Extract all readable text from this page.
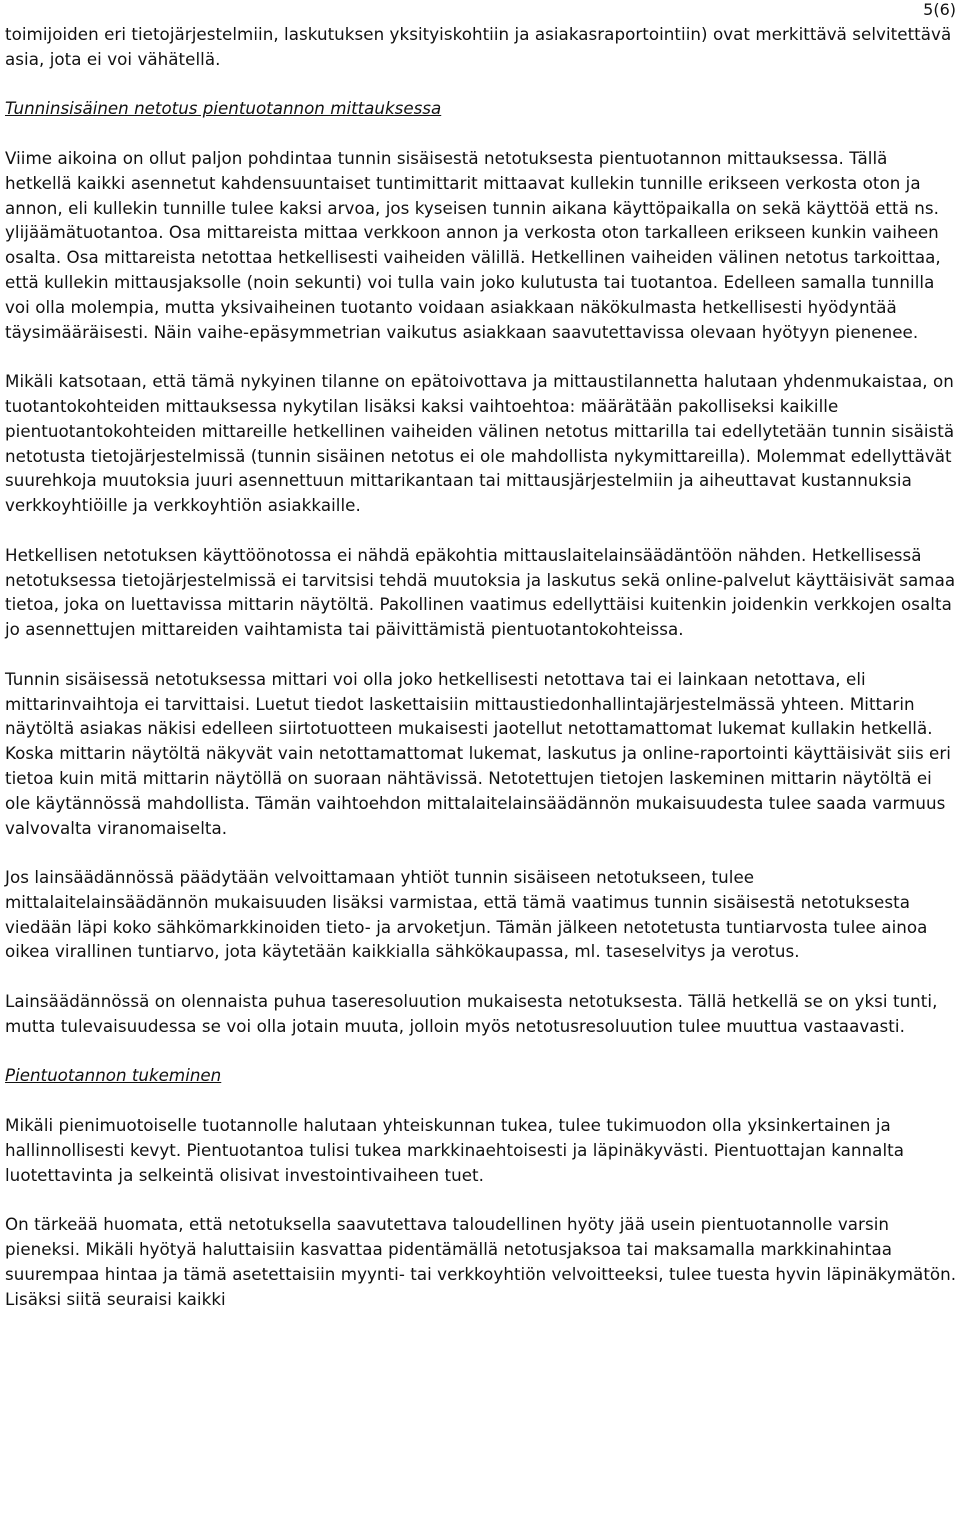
5(6)

toimijoiden eri tietojärjestelmiin, laskutuksen yksityiskohtiin ja asiakasraportointiin) ovat merkittävä selvitettävä asia, jota ei voi vähätellä.

Tunninsisäinen netotus pientuotannon mittauksessa

Viime aikoina on ollut paljon pohdintaa tunnin sisäisestä netotuksesta pientuotannon mittauksessa. Tällä hetkellä kaikki asennetut kahdensuuntaiset tuntimittarit mittaavat kullekin tunnille erikseen verkosta oton ja annon, eli kullekin tunnille tulee kaksi arvoa, jos kyseisen tunnin aikana käyttöpaikalla on sekä käyttöä että ns. ylijäämätuotantoa. Osa mittareista mittaa verkkoon annon ja verkosta oton tarkalleen erikseen kunkin vaiheen osalta. Osa mittareista netottaa hetkellisesti vaiheiden välillä. Hetkellinen vaiheiden välinen netotus tarkoittaa, että kullekin mittausjaksolle (noin sekunti) voi tulla vain joko kulutusta tai tuotantoa. Edelleen samalla tunnilla voi olla molempia, mutta yksivaiheinen tuotanto voidaan asiakkaan näkökulmasta hetkellisesti hyödyntää täysimääräisesti. Näin vaihe-epäsymmetrian vaikutus asiakkaan saavutettavissa olevaan hyötyyn pienenee.

Mikäli katsotaan, että tämä nykyinen tilanne on epätoivottava ja mittaustilannetta halutaan yhdenmukaistaa, on tuotantokohteiden mittauksessa nykytilan lisäksi kaksi vaihtoehtoa: määrätään pakolliseksi kaikille pientuotantokohteiden mittareille hetkellinen vaiheiden välinen netotus mittarilla tai edellytetään tunnin sisäistä netotusta tietojärjestelmissä (tunnin sisäinen netotus ei ole mahdollista nykymittareilla). Molemmat edellyttävät suurehkoja muutoksia juuri asennettuun mittarikantaan tai mittausjärjestelmiin ja aiheuttavat kustannuksia verkkoyhtiöille ja verkkoyhtiön asiakkaille.

Hetkellisen netotuksen käyttöönotossa ei nähdä epäkohtia mittauslaitelainsäädäntöön nähden. Hetkellisessä netotuksessa tietojärjestelmissä ei tarvitsisi tehdä muutoksia ja laskutus sekä online-palvelut käyttäisivät samaa tietoa, joka on luettavissa mittarin näytöltä. Pakollinen vaatimus edellyttäisi kuitenkin joidenkin verkkojen osalta jo asennettujen mittareiden vaihtamista tai päivittämistä pientuotantokohteissa.

Tunnin sisäisessä netotuksessa mittari voi olla joko hetkellisesti netottava tai ei lainkaan netottava, eli mittarinvaihtoja ei tarvittaisi. Luetut tiedot laskettaisiin mittaustiedonhallintajärjestelmässä yhteen. Mittarin näytöltä asiakas näkisi edelleen siirtotuotteen mukaisesti jaotellut netottamattomat lukemat kullakin hetkellä. Koska mittarin näytöltä näkyvät vain netottamattomat lukemat, laskutus ja online-raportointi käyttäisivät siis eri tietoa kuin mitä mittarin näytöllä on suoraan nähtävissä. Netotettujen tietojen laskeminen mittarin näytöltä ei ole käytännössä mahdollista. Tämän vaihtoehdon mittalaitelainsäädännön mukaisuudesta tulee saada varmuus valvovalta viranomaiselta.

Jos lainsäädännössä päädytään velvoittamaan yhtiöt tunnin sisäiseen netotukseen, tulee mittalaitelainsäädännön mukaisuuden lisäksi varmistaa, että tämä vaatimus tunnin sisäisestä netotuksesta viedään läpi koko sähkömarkkinoiden tieto- ja arvoketjun. Tämän jälkeen netotetusta tuntiarvosta tulee ainoa oikea virallinen tuntiarvo, jota käytetään kaikkialla sähkökaupassa, ml. taseselvitys ja verotus.

Lainsäädännössä on olennaista puhua taseresoluution mukaisesta netotuksesta. Tällä hetkellä se on yksi tunti, mutta tulevaisuudessa se voi olla jotain muuta, jolloin myös netotusresoluution tulee muuttua vastaavasti.

Pientuotannon tukeminen

Mikäli pienimuotoiselle tuotannolle halutaan yhteiskunnan tukea, tulee tukimuodon olla yksinkertainen ja hallinnollisesti kevyt. Pientuotantoa tulisi tukea markkinaehtoisesti ja läpinäkyvästi. Pientuottajan kannalta luotettavinta ja selkeintä olisivat investointivaiheen tuet.

On tärkeää huomata, että netotuksella saavutettava taloudellinen hyöty jää usein pientuotannolle varsin pieneksi. Mikäli hyötyä haluttaisiin kasvattaa pidentämällä netotusjaksoa tai maksamalla markkinahintaa suurempaa hintaa ja tämä asetettaisiin myynti- tai verkkoyhtiön velvoitteeksi, tulee tuesta hyvin läpinäkymätön. Lisäksi siitä seuraisi kaikki
